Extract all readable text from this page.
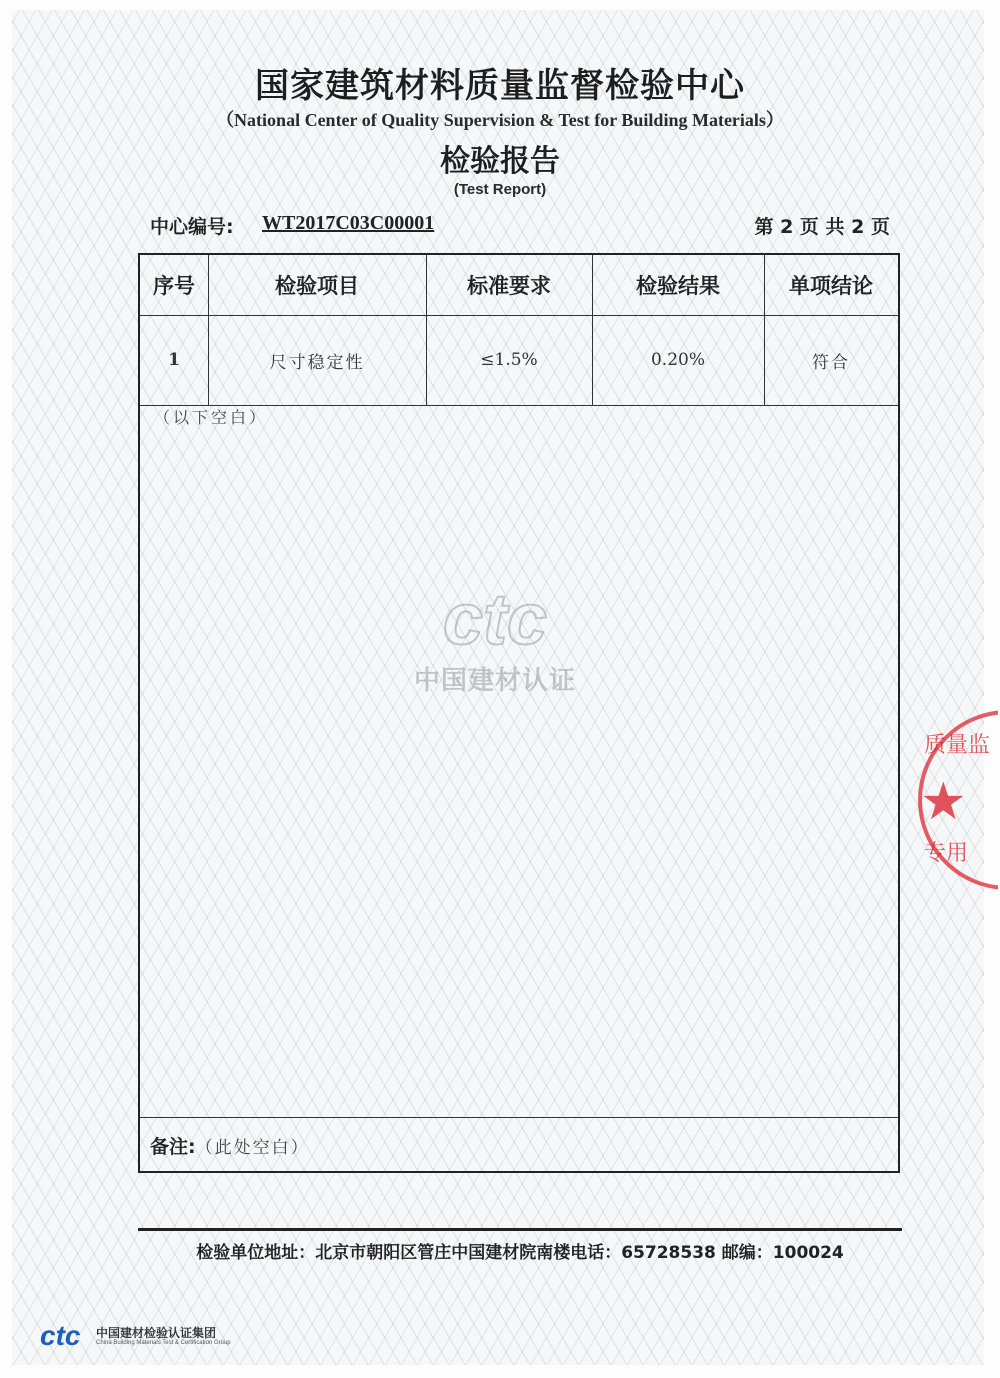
国家建筑材料质量监督检验中心
（National Center of Quality Supervision & Test for Building Materials）
检验报告
(Test Report)
中心编号: WT2017C03C00001	第 2 页 共 2 页
序号	检验项目	标准要求	检验结果	单项结论
1	尺寸稳定性	≤1.5%	0.20%	符合
（以下空白）
备注:（此处空白）
ctc
中国建材认证
质量监
★
专用
检验单位地址：北京市朝阳区管庄中国建材院南楼电话：65728538 邮编：100024
ctc 中国建材检验认证集团
China Building Materials Test & Certification Group
